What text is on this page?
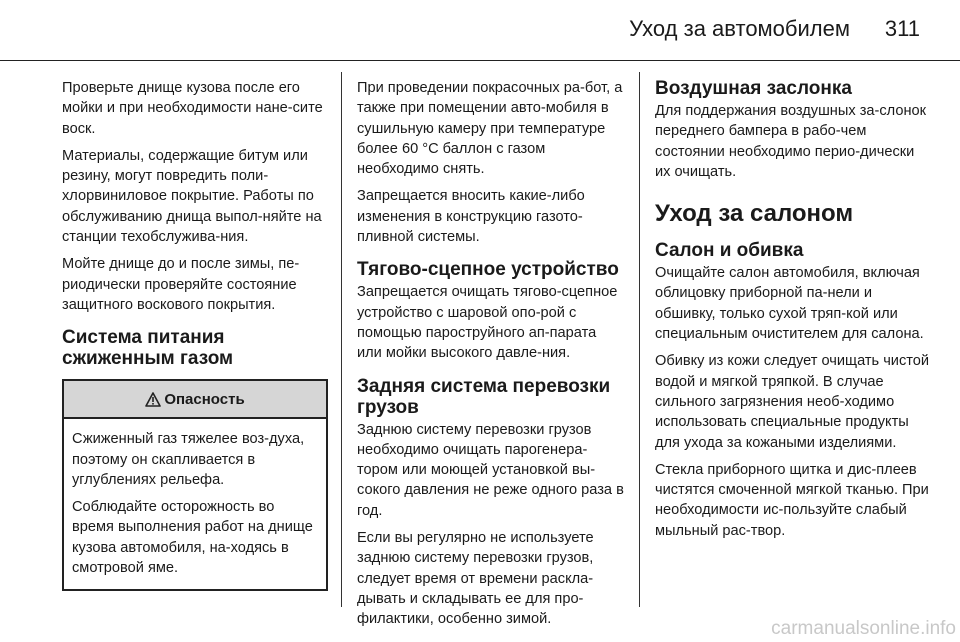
Уход за автомобилем 311

Проверьте днище кузова после его мойки и при необходимости нане-сите воск.

Материалы, содержащие битум или резину, могут повредить поли-хлорвиниловое покрытие. Работы по обслуживанию днища выпол-няйте на станции техобслужива-ния.

Мойте днище до и после зимы, пе-риодически проверяйте состояние защитного воскового покрытия.

Система питания сжиженным газом
Опасность

Сжиженный газ тяжелее воз-духа, поэтому он скапливается в углублениях рельефа.

Соблюдайте осторожность во время выполнения работ на днище кузова автомобиля, на-ходясь в смотровой яме.

При проведении покрасочных ра-бот, а также при помещении авто-мобиля в сушильную камеру при температуре более 60 °C баллон с газом необходимо снять.

Запрещается вносить какие-либо изменения в конструкцию газото-пливной системы.

Тягово-сцепное устройство

Запрещается очищать тягово-сцепное устройство с шаровой опо-рой с помощью пароструйного ап-парата или мойки высокого давле-ния.

Задняя система перевозки грузов

Заднюю систему перевозки грузов необходимо очищать парогенера-тором или моющей установкой вы-сокого давления не реже одного раза в год.

Если вы регулярно не используете заднюю систему перевозки грузов, следует время от времени раскла-дывать и складывать ее для про-филактики, особенно зимой.

Воздушная заслонка

Для поддержания воздушных за-слонок переднего бампера в рабо-чем состоянии необходимо перио-дически их очищать.

Уход за салоном
Салон и обивка

Очищайте салон автомобиля, включая облицовку приборной па-нели и обшивку, только сухой тряп-кой или специальным очистителем для салона.

Обивку из кожи следует очищать чистой водой и мягкой тряпкой. В случае сильного загрязнения необ-ходимо использовать специальные продукты для ухода за кожаными изделиями.

Стекла приборного щитка и дис-плеев чистятся смоченной мягкой тканью. При необходимости ис-пользуйте слабый мыльный рас-твор.

carmanualsonline.info
